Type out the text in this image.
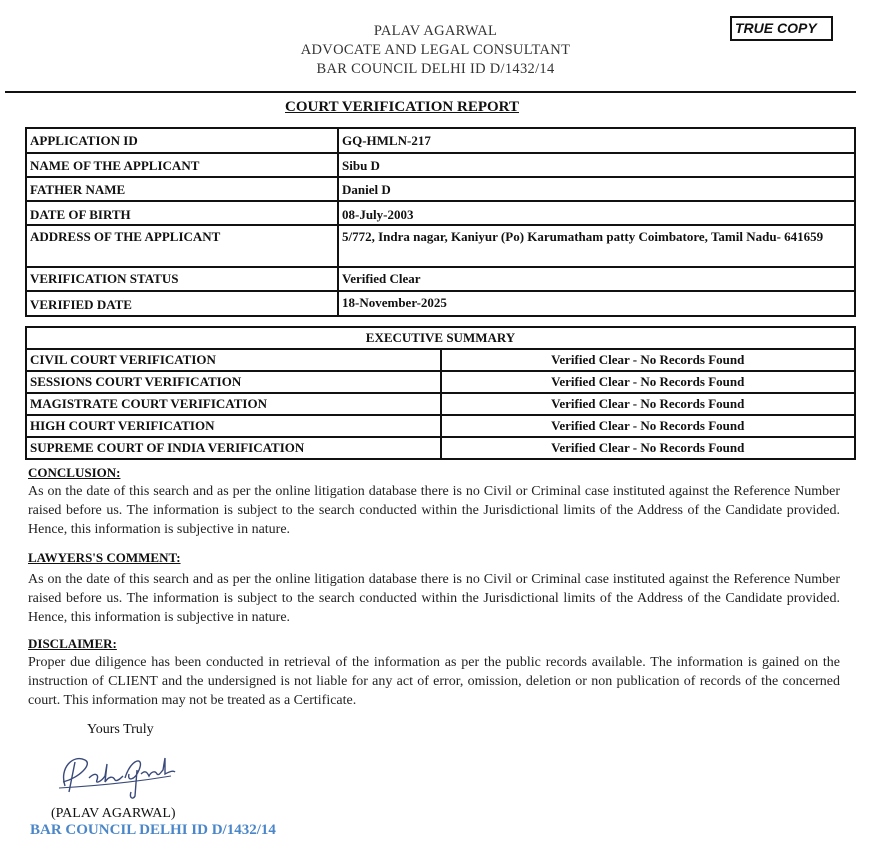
PALAV AGARWAL
ADVOCATE AND LEGAL CONSULTANT
BAR COUNCIL DELHI ID D/1432/14
TRUE COPY
COURT VERIFICATION REPORT
APPLICATION ID	GQ-HMLN-217
NAME OF THE APPLICANT	Sibu D
FATHER NAME	Daniel D
DATE OF BIRTH	08-July-2003
ADDRESS OF THE APPLICANT	5/772, Indra nagar, Kaniyur (Po) Karumatham patty Coimbatore, Tamil Nadu- 641659
VERIFICATION STATUS	Verified Clear
VERIFIED DATE	18-November-2025
EXECUTIVE SUMMARY	
CIVIL COURT VERIFICATION	Verified Clear - No Records Found
SESSIONS COURT VERIFICATION	Verified Clear - No Records Found
MAGISTRATE COURT VERIFICATION	Verified Clear - No Records Found
HIGH COURT VERIFICATION	Verified Clear - No Records Found
SUPREME COURT OF INDIA VERIFICATION	Verified Clear - No Records Found
CONCLUSION:
As on the date of this search and as per the online litigation database there is no Civil or Criminal case instituted against the Reference Number raised before us. The information is subject to the search conducted within the Jurisdictional limits of the Address of the Candidate provided. Hence, this information is subjective in nature.
LAWYERS'S COMMENT:
As on the date of this search and as per the online litigation database there is no Civil or Criminal case instituted against the Reference Number raised before us. The information is subject to the search conducted within the Jurisdictional limits of the Address of the Candidate provided. Hence, this information is subjective in nature.
DISCLAIMER:
Proper due diligence has been conducted in retrieval of the information as per the public records available. The information is gained on the instruction of CLIENT and the undersigned is not liable for any act of error, omission, deletion or non publication of records of the concerned court. This information may not be treated as a Certificate.
Yours Truly
(PALAV AGARWAL)
BAR COUNCIL DELHI ID D/1432/14
